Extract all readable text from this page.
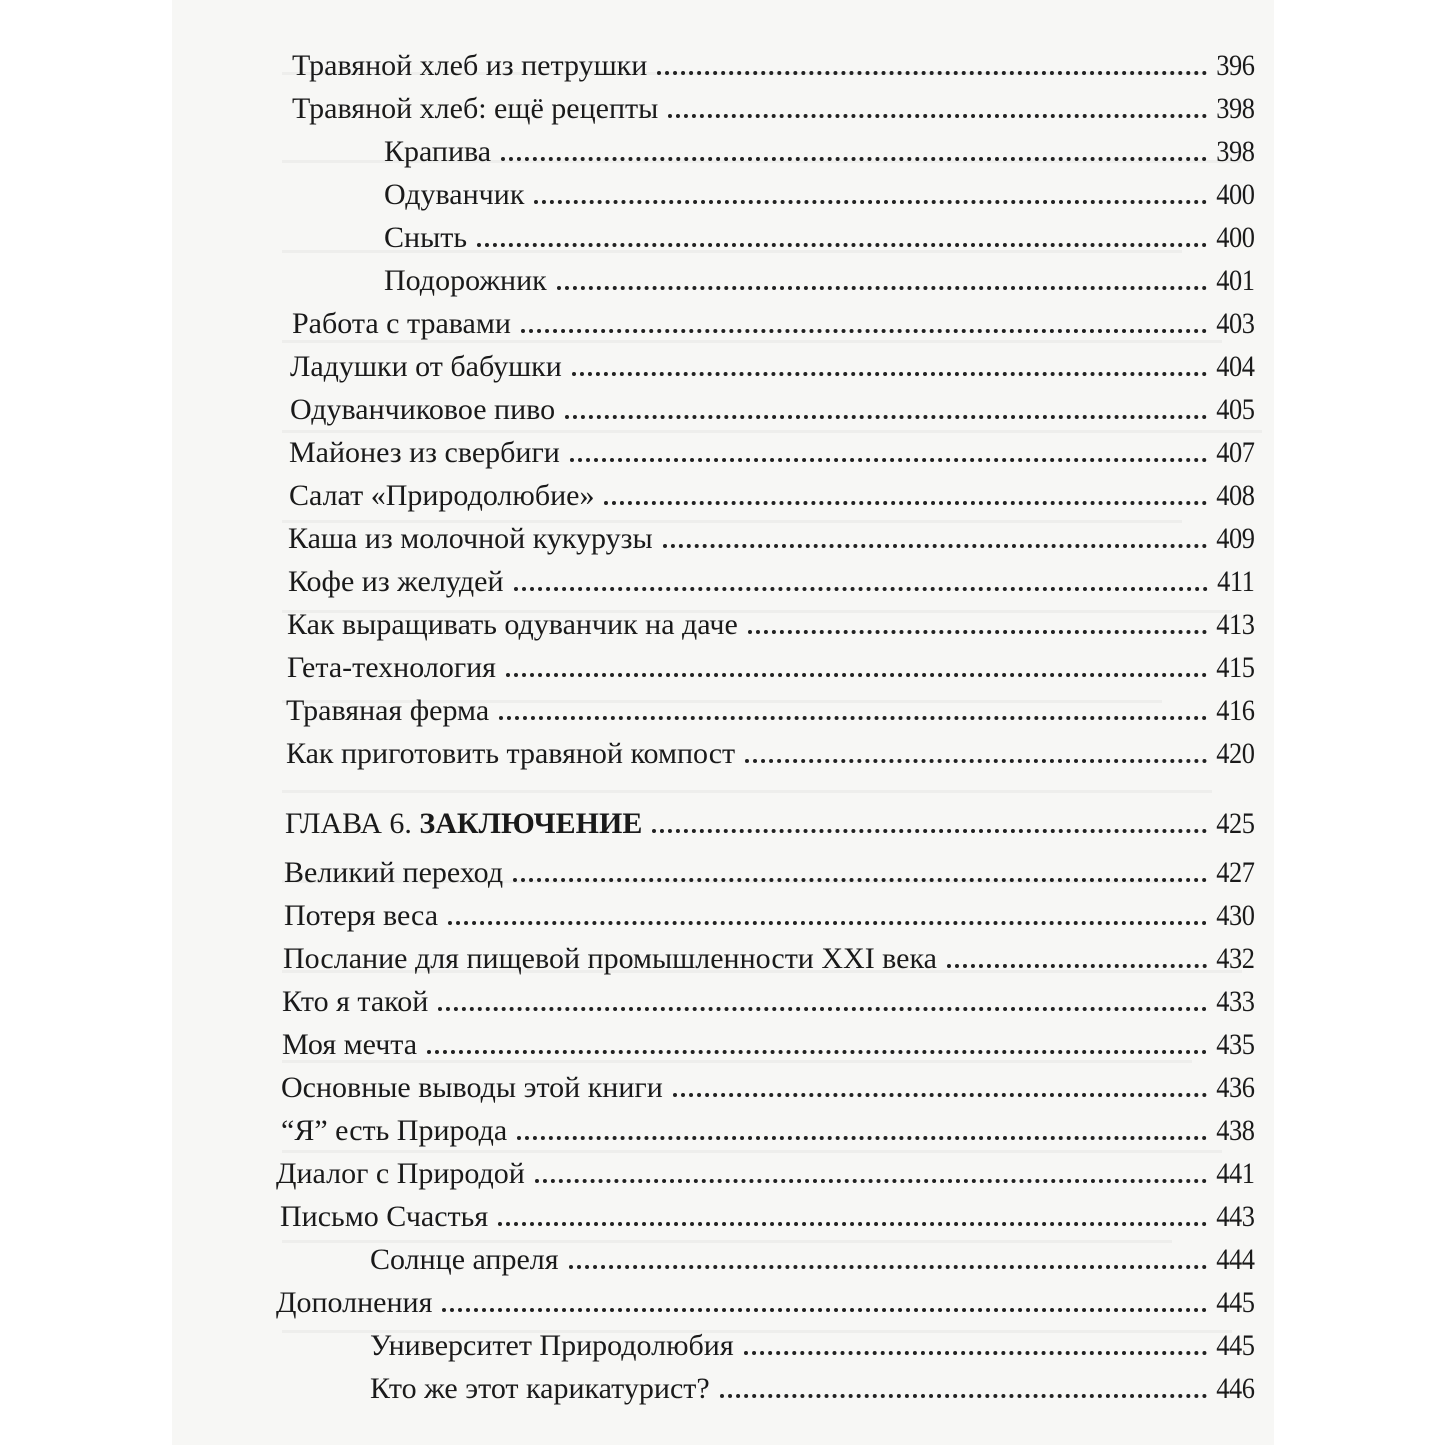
Травяной хлеб из петрушки	396
Травяной хлеб: ещё рецепты	398
Крапива	398
Одуванчик	400
Сныть	400
Подорожник	401
Работа с травами	403
Ладушки от бабушки	404
Одуванчиковое пиво	405
Майонез из свербиги	407
Салат «Природолюбие»	408
Каша из молочной кукурузы	409
Кофе из желудей	411
Как выращивать одуванчик на даче	413
Гета-технология	415
Травяная ферма	416
Как приготовить травяной компост	420
ГЛАВА 6. ЗАКЛЮЧЕНИЕ	425
Великий переход	427
Потеря веса	430
Послание для пищевой промышленности XXI века	432
Кто я такой	433
Моя мечта	435
Основные выводы этой книги	436
“Я” есть Природа	438
Диалог с Природой	441
Письмо Счастья	443
Солнце апреля	444
Дополнения	445
Университет Природолюбия	445
Кто же этот карикатурист?	446
